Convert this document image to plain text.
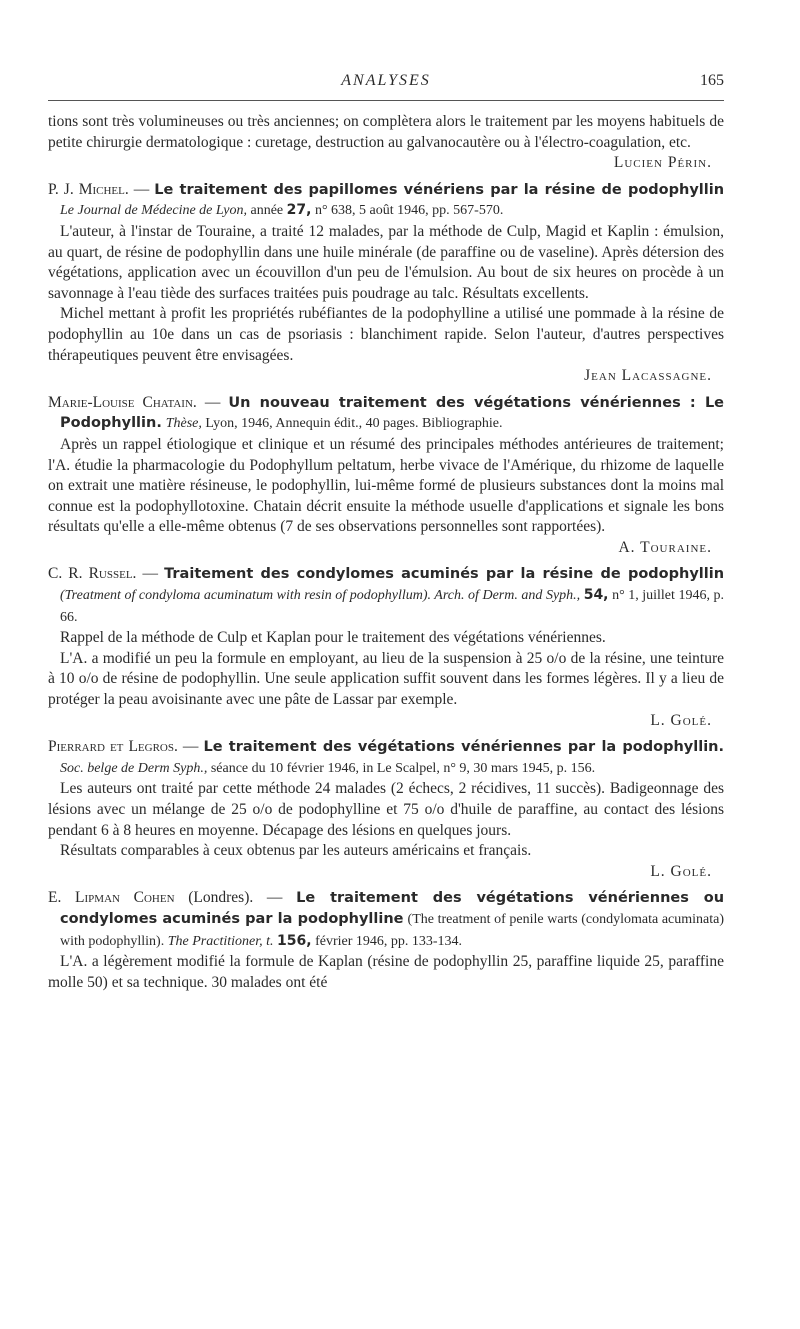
ANALYSES	165

tions sont très volumineuses ou très anciennes; on complètera alors le traitement par les moyens habituels de petite chirurgie dermatologique : curetage, destruction au galvanocautère ou à l'électro-coagulation, etc.

Lucien Périn.

P. J. Michel. — Le traitement des papillomes vénériens par la résine de podophyllin Le Journal de Médecine de Lyon, année 27, n° 638, 5 août 1946, pp. 567-570.

L'auteur, à l'instar de Touraine, a traité 12 malades, par la méthode de Culp, Magid et Kaplin : émulsion, au quart, de résine de podophyllin dans une huile minérale (de paraffine ou de vaseline). Après détersion des végétations, application avec un écouvillon d'un peu de l'émulsion. Au bout de six heures on procède à un savonnage à l'eau tiède des surfaces traitées puis poudrage au talc. Résultats excellents.

Michel mettant à profit les propriétés rubéfiantes de la podophylline a utilisé une pommade à la résine de podophyllin au 10e dans un cas de psoriasis : blanchiment rapide. Selon l'auteur, d'autres perspectives thérapeutiques peuvent être envisagées.

Jean Lacassagne.

Marie-Louise Chatain. — Un nouveau traitement des végétations vénériennes : Le Podophyllin. Thèse, Lyon, 1946, Annequin édit., 40 pages. Bibliographie.

Après un rappel étiologique et clinique et un résumé des principales méthodes antérieures de traitement; l'A. étudie la pharmacologie du Podophyllum peltatum, herbe vivace de l'Amérique, du rhizome de laquelle on extrait une matière résineuse, le podophyllin, lui-même formé de plusieurs substances dont la moins mal connue est la podophyllotoxine. Chatain décrit ensuite la méthode usuelle d'applications et signale les bons résultats qu'elle a elle-même obtenus (7 de ses observations personnelles sont rapportées).

A. Touraine.

C. R. Russel. — Traitement des condylomes acuminés par la résine de podophyllin (Treatment of condyloma acuminatum with resin of podophyllum). Arch. of Derm. and Syph., 54, n° 1, juillet 1946, p. 66.

Rappel de la méthode de Culp et Kaplan pour le traitement des végétations vénériennes.

L'A. a modifié un peu la formule en employant, au lieu de la suspension à 25 o/o de la résine, une teinture à 10 o/o de résine de podophyllin. Une seule application suffit souvent dans les formes légères. Il y a lieu de protéger la peau avoisinante avec une pâte de Lassar par exemple.

L. Golé.

Pierrard et Legros. — Le traitement des végétations vénériennes par la podophyllin. Soc. belge de Derm Syph., séance du 10 février 1946, in Le Scalpel, n° 9, 30 mars 1945, p. 156.

Les auteurs ont traité par cette méthode 24 malades (2 échecs, 2 récidives, 11 succès). Badigeonnage des lésions avec un mélange de 25 o/o de podophylline et 75 o/o d'huile de paraffine, au contact des lésions pendant 6 à 8 heures en moyenne. Décapage des lésions en quelques jours.

Résultats comparables à ceux obtenus par les auteurs américains et français.

L. Golé.

E. Lipman Cohen (Londres). — Le traitement des végétations vénériennes ou condylomes acuminés par la podophylline (The treatment of penile warts (condylomata acuminata) with podophyllin). The Practitioner, t. 156, février 1946, pp. 133-134.

L'A. a légèrement modifié la formule de Kaplan (résine de podophyllin 25, paraffine liquide 25, paraffine molle 50) et sa technique. 30 malades ont été
